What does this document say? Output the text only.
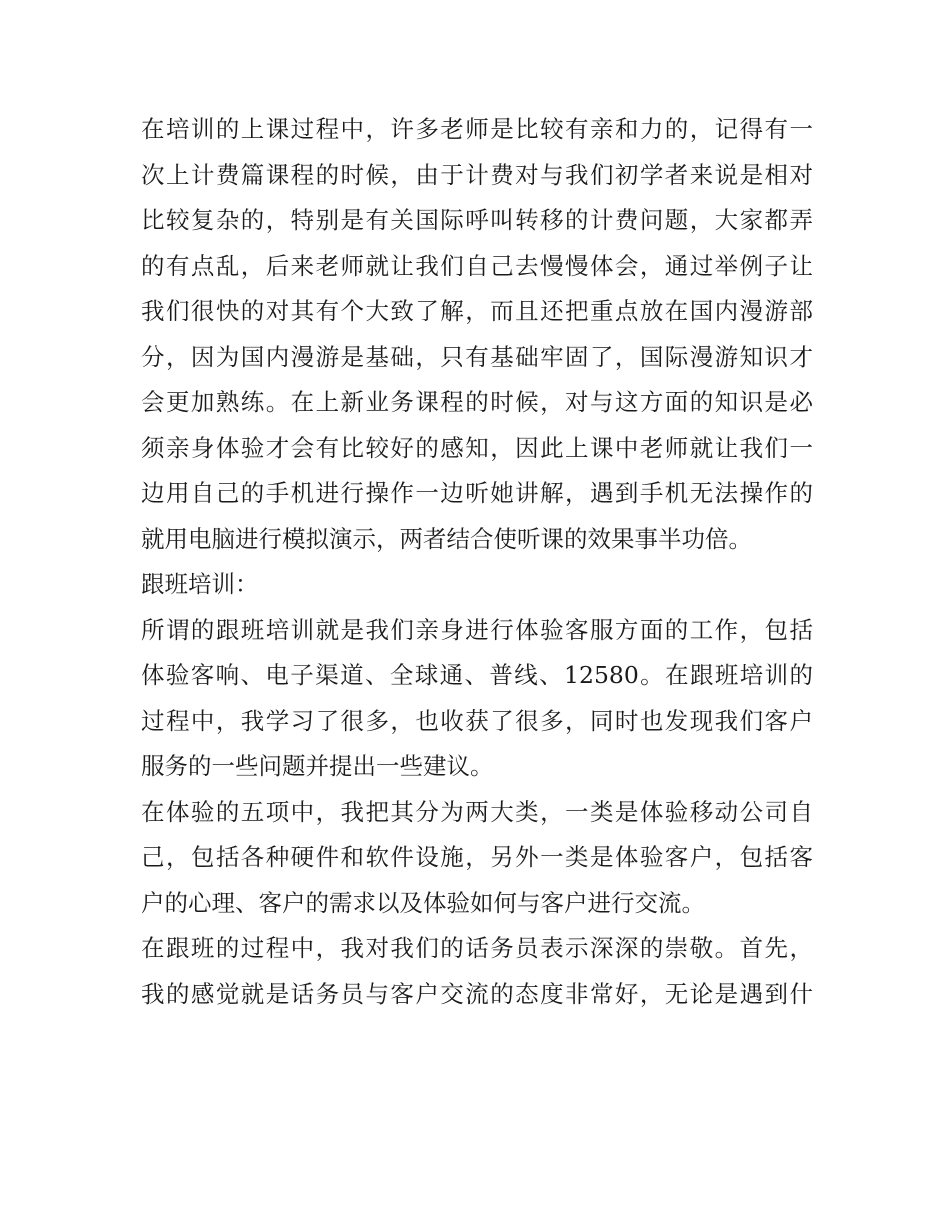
在培训的上课过程中，许多老师是比较有亲和力的，记得有一
次上计费篇课程的时候，由于计费对与我们初学者来说是相对
比较复杂的，特别是有关国际呼叫转移的计费问题，大家都弄
的有点乱，后来老师就让我们自己去慢慢体会，通过举例子让
我们很快的对其有个大致了解，而且还把重点放在国内漫游部
分，因为国内漫游是基础，只有基础牢固了，国际漫游知识才
会更加熟练。在上新业务课程的时候，对与这方面的知识是必
须亲身体验才会有比较好的感知，因此上课中老师就让我们一
边用自己的手机进行操作一边听她讲解，遇到手机无法操作的
就用电脑进行模拟演示，两者结合使听课的效果事半功倍。
跟班培训：
所谓的跟班培训就是我们亲身进行体验客服方面的工作，包括
体验客响、电子渠道、全球通、普线、12580。在跟班培训的
过程中，我学习了很多，也收获了很多，同时也发现我们客户
服务的一些问题并提出一些建议。
在体验的五项中，我把其分为两大类，一类是体验移动公司自
己，包括各种硬件和软件设施，另外一类是体验客户，包括客
户的心理、客户的需求以及体验如何与客户进行交流。
在跟班的过程中，我对我们的话务员表示深深的崇敬。首先，
我的感觉就是话务员与客户交流的态度非常好，无论是遇到什
